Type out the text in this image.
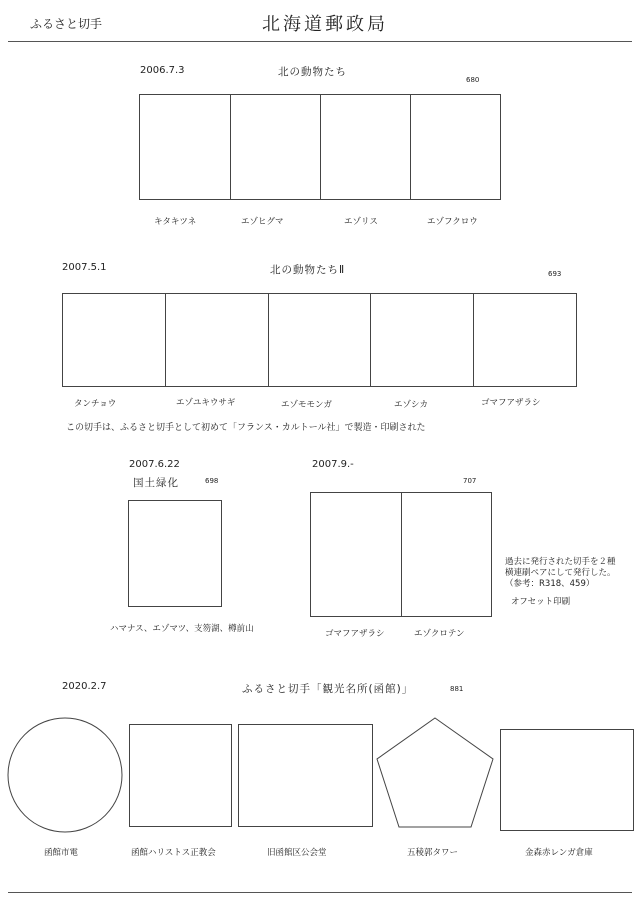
ふるさと切手	北海道郵政局
2006.7.3	北の動物たち
680
キタキツネ	エゾヒグマ	エゾリス	エゾフクロウ
2007.5.1	北の動物たちⅡ	693
タンチョウ	エゾユキウサギ	エゾモモンガ	エゾシカ	ゴマフアザラシ
この切手は、ふるさと切手として初めて「フランス・カルトール社」で製造・印刷された
2007.6.22
国土緑化	698
ハマナス、エゾマツ、支笏湖、樽前山
2007.9.-
707
ゴマフアザラシ	エゾクロテン
過去に発行された切手を２種
横連刷ペアにして発行した。
（参考：R318、459）
オフセット印刷
2020.2.7	ふるさと切手「観光名所(函館)」	881
函館市電	函館ハリストス正教会	旧函館区公会堂	五稜郭タワー	金森赤レンガ倉庫
